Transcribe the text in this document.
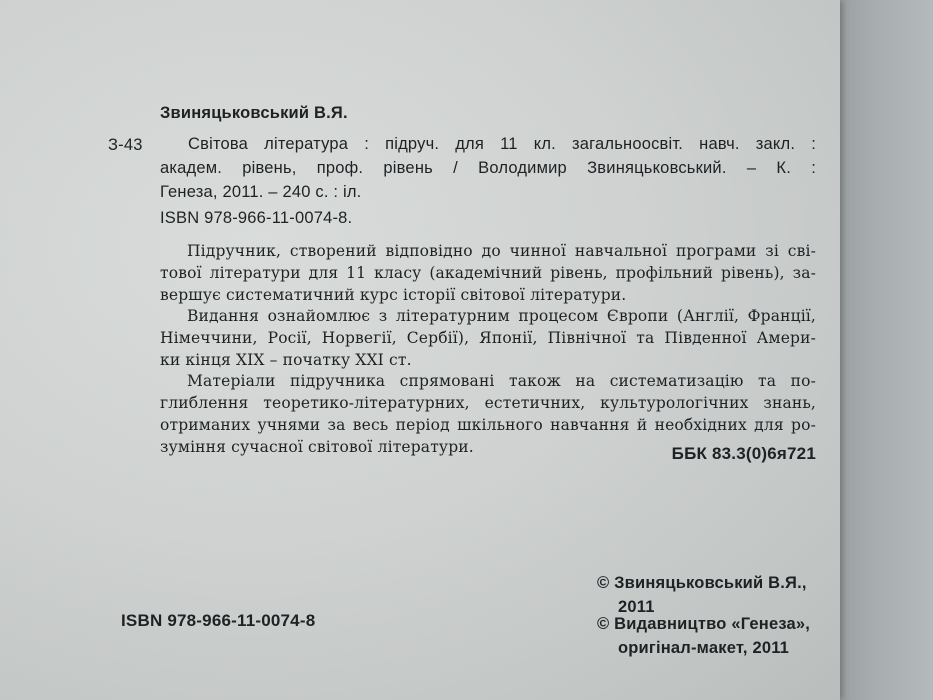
Звиняцьковський В.Я.
З-43	Світова література : підруч. для 11 кл. загальноосвіт. навч. закл. :
академ. рівень, проф. рівень / Володимир Звиняцьковський. – К. :
Генеза, 2011. – 240 с. : іл.
ISBN 978-966-11-0074-8.
Підручник, створений відповідно до чинної навчальної програми зі сві-
тової літератури для 11 класу (академічний рівень, профільний рівень), за-
вершує систематичний курс історії світової літератури.
Видання ознайомлює з літературним процесом Європи (Англії, Франції,
Німеччини, Росії, Норвегії, Сербії), Японії, Північної та Південної Амери-
ки кінця XIX – початку XXI ст.
Матеріали підручника спрямовані також на систематизацію та по-
глиблення теоретико-літературних, естетичних, культурологічних знань,
отриманих учнями за весь період шкільного навчання й необхідних для ро-
зуміння сучасної світової літератури.	ББК 83.3(0)6я721
ISBN 978-966-11-0074-8
© Звиняцьковський В.Я.,
2011
© Видавництво «Генеза»,
оригінал-макет, 2011
